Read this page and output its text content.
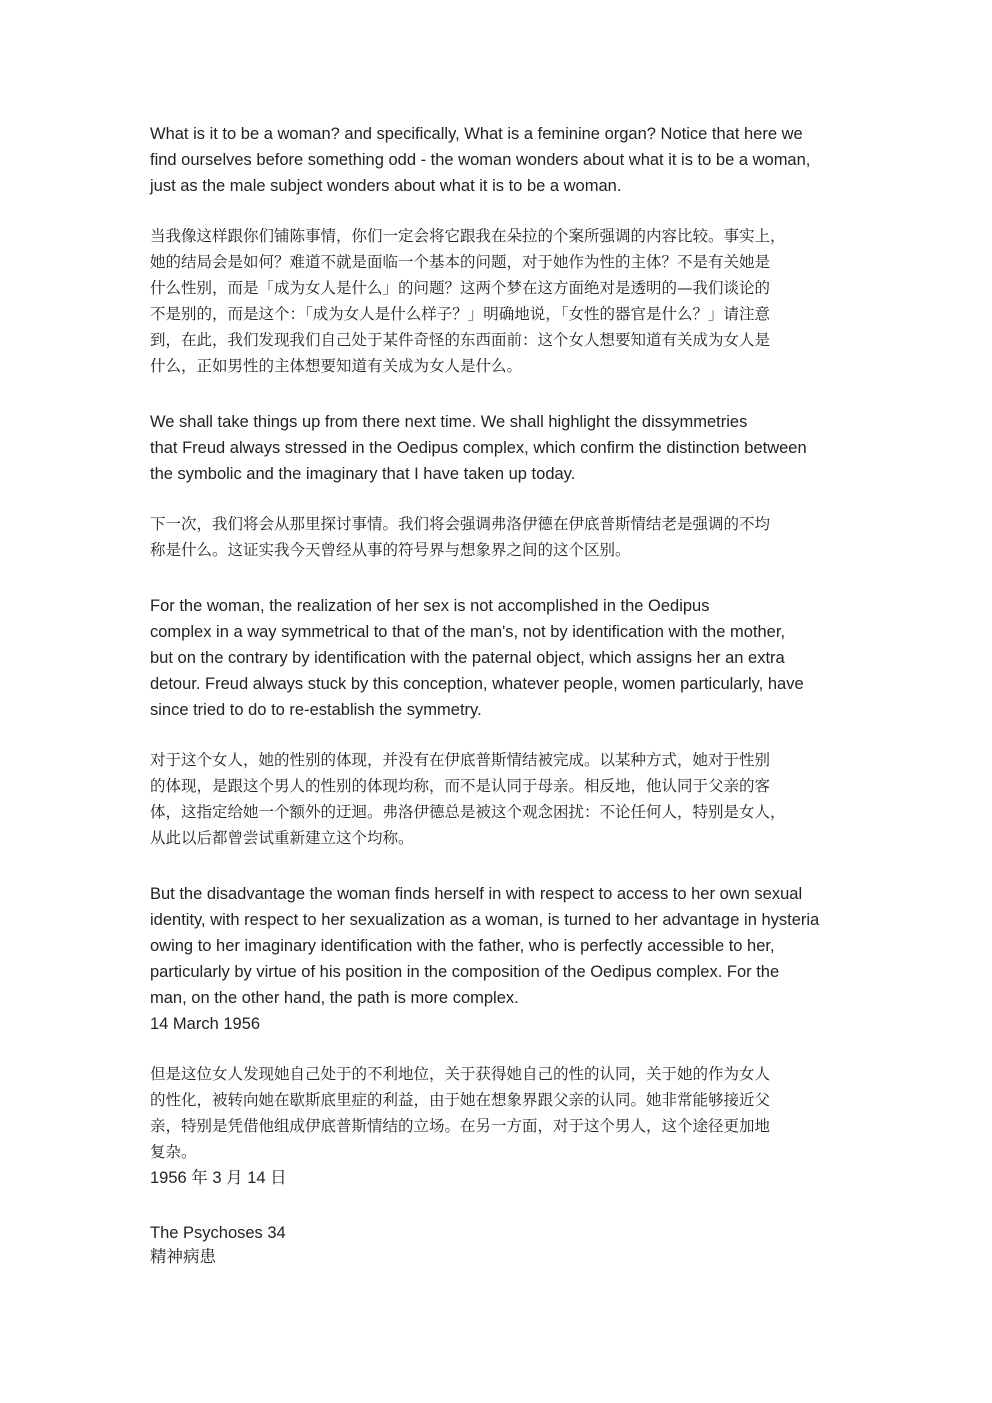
What is it to be a woman? and specifically, What is a feminine organ? Notice that here we
find ourselves before something odd - the woman wonders about what it is to be a woman,
just as the male subject wonders about what it is to be a woman.

当我像这样跟你们铺陈事情，你们一定会将它跟我在朵拉的个案所强调的内容比较。事实上，
她的结局会是如何？难道不就是面临一个基本的问题，对于她作为性的主体？不是有关她是
什么性别，而是「成为女人是什么」的问题？这两个梦在这方面绝对是透明的—我们谈论的
不是别的，而是这个：「成为女人是什么样子？」明确地说，「女性的器官是什么？」请注意
到，在此，我们发现我们自己处于某件奇怪的东西面前：这个女人想要知道有关成为女人是
什么，正如男性的主体想要知道有关成为女人是什么。

We shall take things up from there next time. We shall highlight the dissymmetries
that Freud always stressed in the Oedipus complex, which confirm the distinction between
the symbolic and the imaginary that I have taken up today.

下一次，我们将会从那里探讨事情。我们将会强调弗洛伊德在伊底普斯情结老是强调的不均
称是什么。这证实我今天曾经从事的符号界与想象界之间的这个区别。

For the woman, the realization of her sex is not accomplished in the Oedipus
complex in a way symmetrical to that of the man's, not by identification with the mother,
but on the contrary by identification with the paternal object, which assigns her an extra
detour. Freud always stuck by this conception, whatever people, women particularly, have
since tried to do to re-establish the symmetry.

对于这个女人，她的性别的体现，并没有在伊底普斯情结被完成。以某种方式，她对于性别
的体现，是跟这个男人的性别的体现均称，而不是认同于母亲。相反地，他认同于父亲的客
体，这指定给她一个额外的迂迴。弗洛伊德总是被这个观念困扰：不论任何人，特别是女人，
从此以后都曾尝试重新建立这个均称。

But the disadvantage the woman finds herself in with respect to access to her own sexual
identity, with respect to her sexualization as a woman, is turned to her advantage in hysteria
owing to her imaginary identification with the father, who is perfectly accessible to her,
particularly by virtue of his position in the composition of the Oedipus complex. For the
man, on the other hand, the path is more complex.

14 March 1956

但是这位女人发现她自己处于的不利地位，关于获得她自己的性的认同，关于她的作为女人
的性化，被转向她在歇斯底里症的利益，由于她在想象界跟父亲的认同。她非常能够接近父
亲，特别是凭借他组成伊底普斯情结的立场。在另一方面，对于这个男人，这个途径更加地
复杂。

1956 年 3 月 14 日

The Psychoses 34

精神病患
